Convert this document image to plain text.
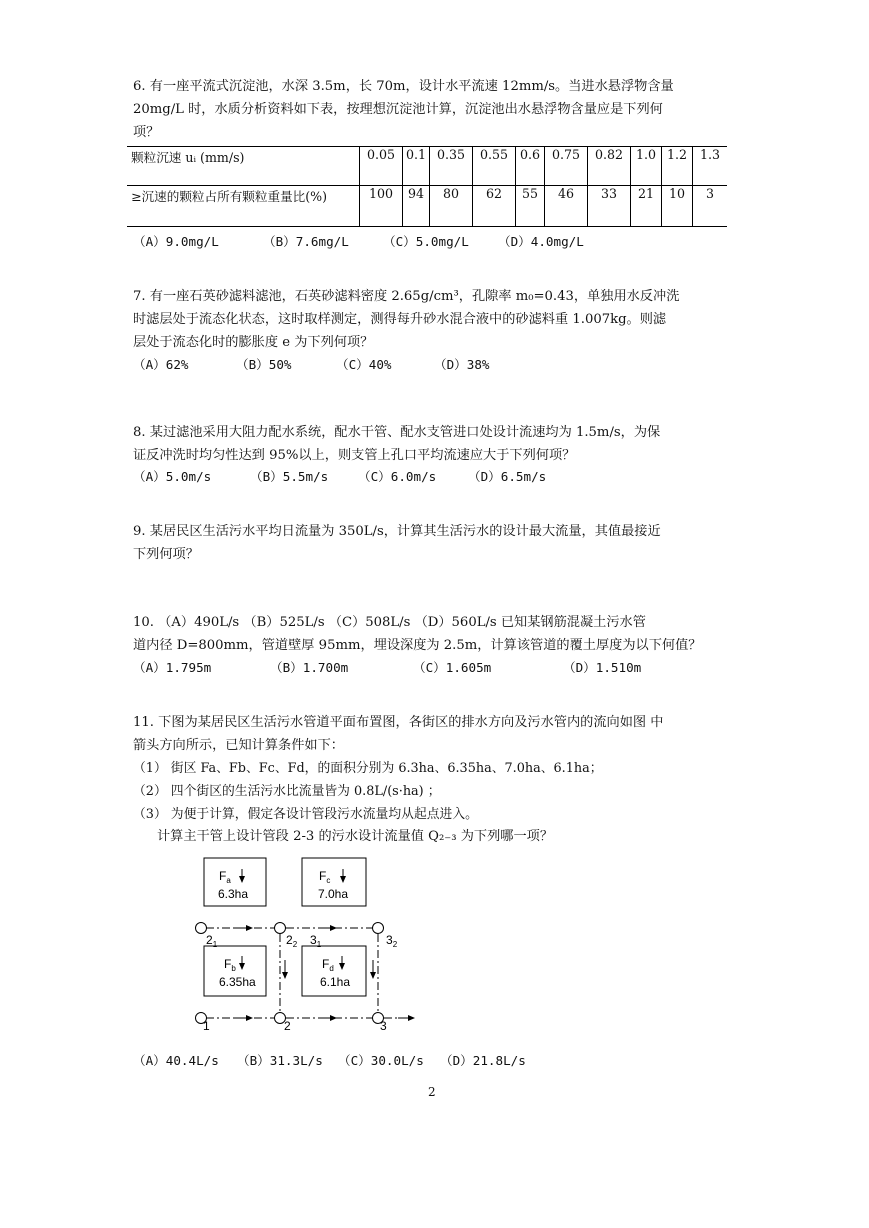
6. 有一座平流式沉淀池，水深 3.5m，长 70m，设计水平流速 12mm/s。当进水悬浮物含量
20mg/L 时，水质分析资料如下表，按理想沉淀池计算，沉淀池出水悬浮物含量应是下列何
项？
颗粒沉速 uᵢ (mm/s)	0.05	0.1	0.35	0.55	0.6	0.75	0.82	1.0	1.2	1.3
≥沉速的颗粒占所有颗粒重量比(%)	100	94	80	62	55	46	33	21	10	3
（A）9.0mg/L	（B）7.6mg/L	（C）5.0mg/L （D）4.0mg/L
7. 有一座石英砂滤料滤池，石英砂滤料密度 2.65g/cm³，孔隙率 m₀=0.43，单独用水反冲洗
时滤层处于流态化状态，这时取样测定，测得每升砂水混合液中的砂滤料重 1.007kg。则滤
层处于流态化时的膨胀度 e 为下列何项？
（A）62%	（B）50%	（C）40%	（D）38%
8. 某过滤池采用大阻力配水系统，配水干管、配水支管进口处设计流速均为 1.5m/s，为保
证反冲洗时均匀性达到 95%以上，则支管上孔口平均流速应大于下列何项？
（A）5.0m/s	（B）5.5m/s （C）6.0m/s	（D）6.5m/s
9. 某居民区生活污水平均日流量为 350L/s，计算其生活污水的设计最大流量，其值最接近
下列何项？
10. （A）490L/s （B）525L/s （C）508L/s （D）560L/s 已知某钢筋混凝土污水管
道内径 D=800mm，管道壁厚 95mm，埋设深度为 2.5m，计算该管道的覆土厚度为以下何值？
（A）1.795m	（B）1.700m	（C）1.605m	（D）1.510m
11. 下图为某居民区生活污水管道平面布置图，各街区的排水方向及污水管内的流向如图 中
箭头方向所示，已知计算条件如下：
（1） 街区 Fa、Fb、Fc、Fd，的面积分别为 6.3ha、6.35ha、7.0ha、6.1ha；
（2） 四个街区的生活污水比流量皆为 0.8L/(s·ha) ；
（3） 为便于计算，假定各设计管段污水流量均从起点进入。
计算主干管上设计管段 2-3 的污水设计流量值 Q₂₋₃ 为下列哪一项？
$F_a$
6.3ha
$F_c$
7.0ha
$F_b$
6.35ha
$F_d$
6.1ha
$2_1$	$2_2$ $3_1$	$3_2$
1	2	3
（A）40.4L/s （B）31.3L/s （C）30.0L/s （D）21.8L/s
2
